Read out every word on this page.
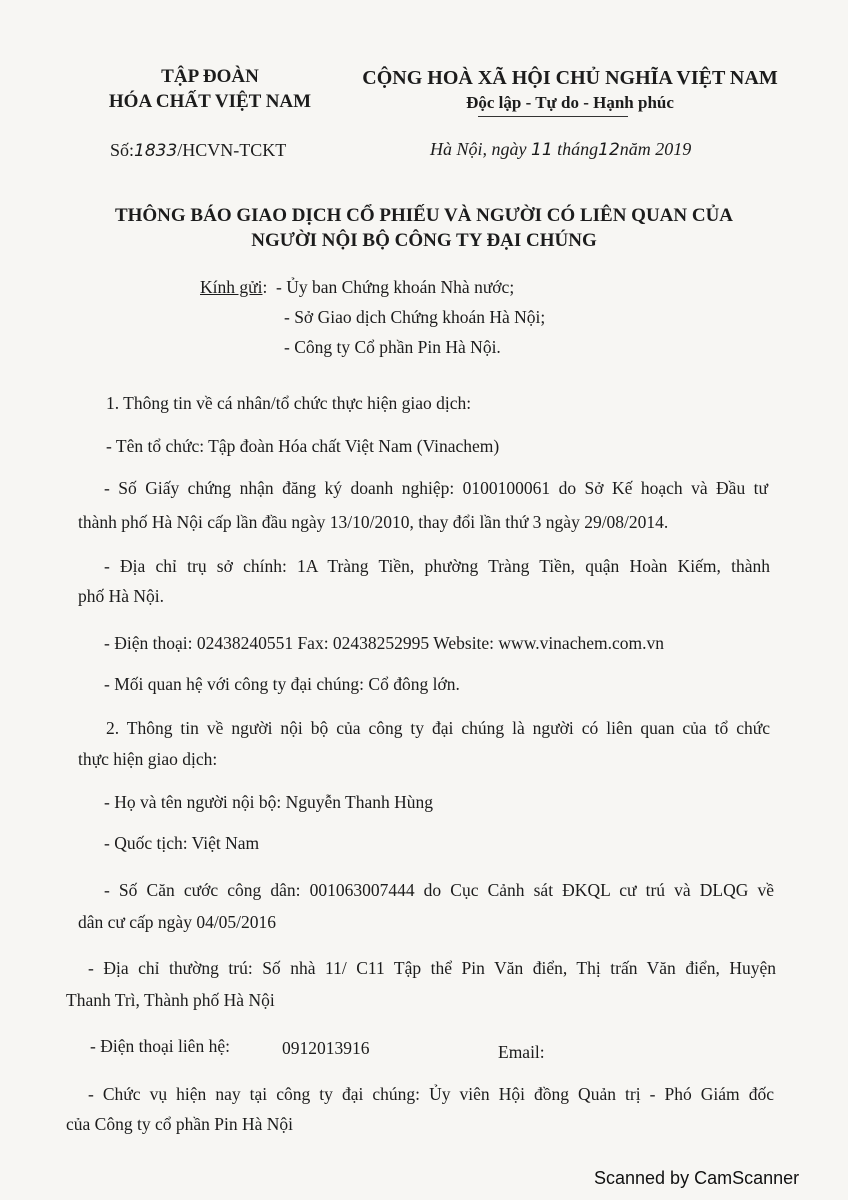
TẬP ĐOÀN
HÓA CHẤT VIỆT NAM
Số:1833/HCVN-TCKT
CỘNG HOÀ XÃ HỘI CHỦ NGHĨA VIỆT NAM
Độc lập - Tự do - Hạnh phúc
Hà Nội, ngày 11 tháng12năm 2019
THÔNG BÁO GIAO DỊCH CỔ PHIẾU VÀ NGƯỜI CÓ LIÊN QUAN CỦA
NGƯỜI NỘI BỘ CÔNG TY ĐẠI CHÚNG
Kính gửi: - Ủy ban Chứng khoán Nhà nước;
- Sở Giao dịch Chứng khoán Hà Nội;
- Công ty Cổ phần Pin Hà Nội.
1. Thông tin về cá nhân/tổ chức thực hiện giao dịch:
- Tên tổ chức: Tập đoàn Hóa chất Việt Nam (Vinachem)
- Số Giấy chứng nhận đăng ký doanh nghiệp: 0100100061 do Sở Kế hoạch và Đầu tư
thành phố Hà Nội cấp lần đầu ngày 13/10/2010, thay đổi lần thứ 3 ngày 29/08/2014.
- Địa chỉ trụ sở chính: 1A Tràng Tiền, phường Tràng Tiền, quận Hoàn Kiếm, thành
phố Hà Nội.
- Điện thoại: 02438240551 Fax: 02438252995 Website: www.vinachem.com.vn
- Mối quan hệ với công ty đại chúng: Cổ đông lớn.
2. Thông tin về người nội bộ của công ty đại chúng là người có liên quan của tổ chức
thực hiện giao dịch:
- Họ và tên người nội bộ: Nguyễn Thanh Hùng
- Quốc tịch: Việt Nam
- Số Căn cước công dân: 001063007444 do Cục Cảnh sát ĐKQL cư trú và DLQG về
dân cư cấp ngày 04/05/2016
- Địa chỉ thường trú: Số nhà 11/ C11 Tập thể Pin Văn điển, Thị trấn Văn điển, Huyện
Thanh Trì, Thành phố Hà Nội
- Điện thoại liên hệ:	0912013916	Email:
- Chức vụ hiện nay tại công ty đại chúng: Ủy viên Hội đồng Quản trị - Phó Giám đốc
của Công ty cổ phần Pin Hà Nội
Scanned by CamScanner
